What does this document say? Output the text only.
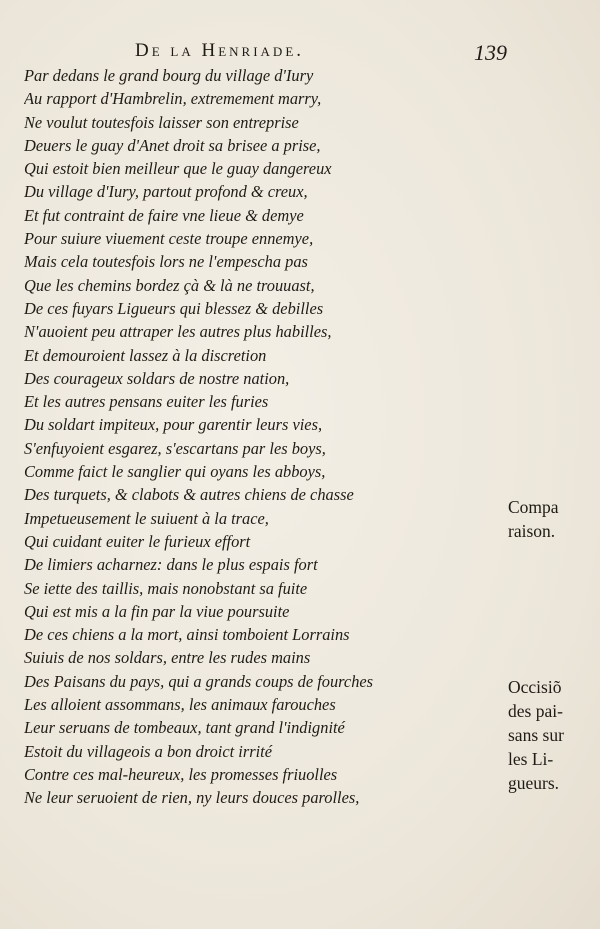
De la Henriade.	139
Par dedans le grand bourg du village d'Iury
Au rapport d'Hambrelin, extremement marry,
Ne voulut toutesfois laisser son entreprise
Deuers le guay d'Anet droit sa brisee a prise,
Qui estoit bien meilleur que le guay dangereux
Du village d'Iury, partout profond & creux,
Et fut contraint de faire vne lieue & demye
Pour suiure viuement ceste troupe ennemye,
Mais cela toutesfois lors ne l'empescha pas
Que les chemins bordez çà & là ne trouuast,
De ces fuyars Ligueurs qui blessez & debilles
N'auoient peu attraper les autres plus habilles,
Et demouroient lassez à la discretion
Des courageux soldars de nostre nation,
Et les autres pensans euiter les furies
Du soldart impiteux, pour garentir leurs vies,
S'enfuyoient esgarez, s'escartans par les boys,
Comme faict le sanglier qui oyans les abboys,
Des turquets, & clabots & autres chiens de chasse
Impetueusement le suiuent à la trace,
Qui cuidant euiter le furieux effort
De limiers acharnez: dans le plus espais fort
Se iette des taillis, mais nonobstant sa fuite
Qui est mis a la fin par la viue poursuite
De ces chiens a la mort, ainsi tomboient Lorrains
Suiuis de nos soldars, entre les rudes mains
Des Paisans du pays, qui a grands coups de fourches
Les alloient assommans, les animaux farouches
Leur seruans de tombeaux, tant grand l'indignité
Estoit du villageois a bon droict irrité
Contre ces mal-heureux, les promesses friuolles
Ne leur seruoient de rien, ny leurs douces parolles,
Compa
raison.
Occisiõ
des pai-
sans sur
les Li-
gueurs.
